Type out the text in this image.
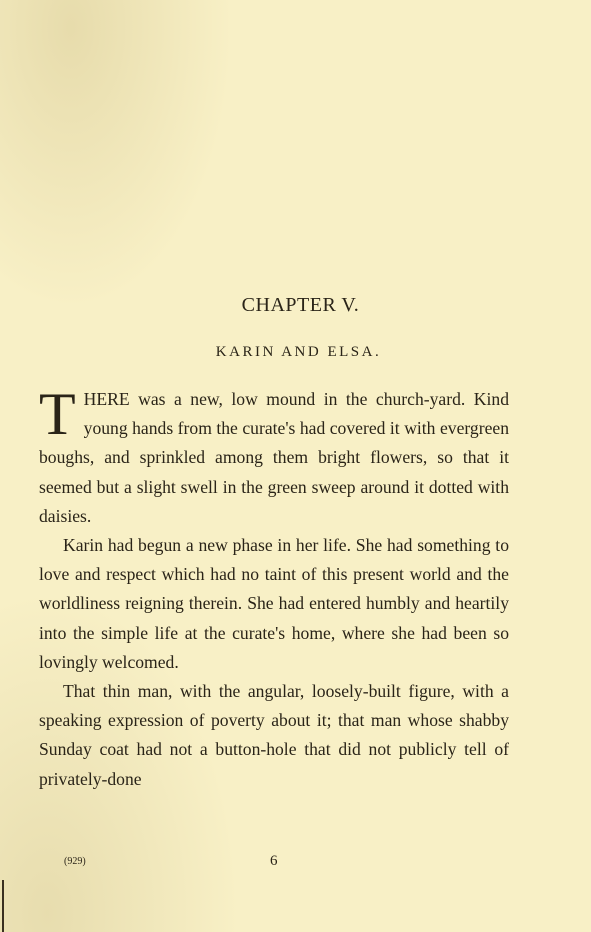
CHAPTER V.
KARIN AND ELSA.

THERE was a new, low mound in the church-yard. Kind young hands from the curate's had covered it with evergreen boughs, and sprinkled among them bright flowers, so that it seemed but a slight swell in the green sweep around it dotted with daisies.

Karin had begun a new phase in her life. She had something to love and respect which had no taint of this present world and the worldliness reigning therein. She had entered humbly and heartily into the simple life at the curate's home, where she had been so lovingly welcomed.

That thin man, with the angular, loosely-built figure, with a speaking expression of poverty about it; that man whose shabby Sunday coat had not a button-hole that did not publicly tell of privately-done

(929)	6
